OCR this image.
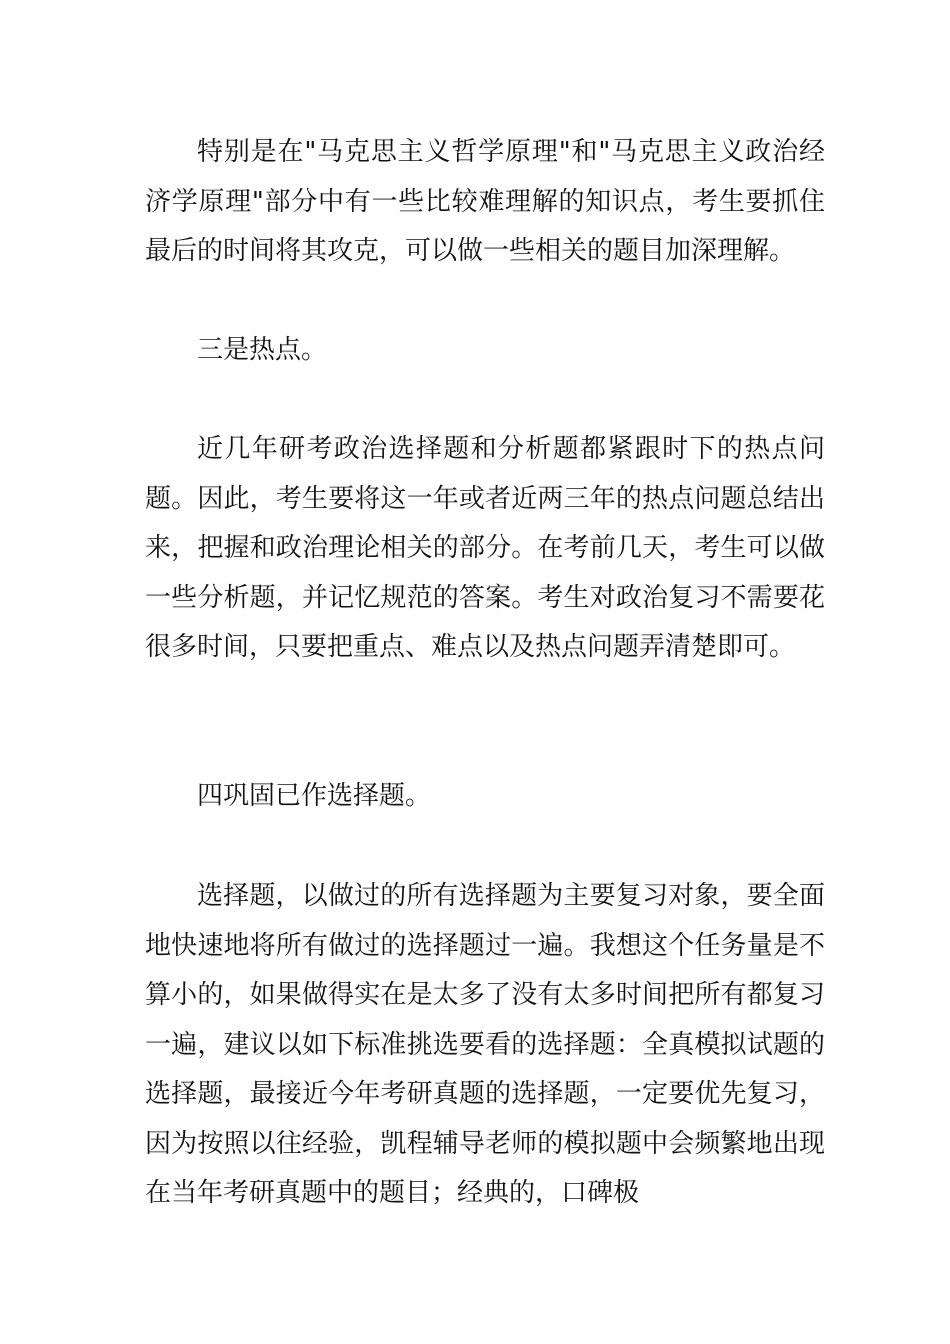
特别是在"马克思主义哲学原理"和"马克思主义政治经济学原理"部分中有一些比较难理解的知识点，考生要抓住最后的时间将其攻克，可以做一些相关的题目加深理解。

三是热点。

近几年研考政治选择题和分析题都紧跟时下的热点问题。因此，考生要将这一年或者近两三年的热点问题总结出来，把握和政治理论相关的部分。在考前几天，考生可以做一些分析题，并记忆规范的答案。考生对政治复习不需要花很多时间，只要把重点、难点以及热点问题弄清楚即可。

四巩固已作选择题。

选择题，以做过的所有选择题为主要复习对象，要全面地快速地将所有做过的选择题过一遍。我想这个任务量是不算小的，如果做得实在是太多了没有太多时间把所有都复习一遍，建议以如下标准挑选要看的选择题：全真模拟试题的选择题，最接近今年考研真题的选择题，一定要优先复习，因为按照以往经验，凯程辅导老师的模拟题中会频繁地出现在当年考研真题中的题目；经典的，口碑极
